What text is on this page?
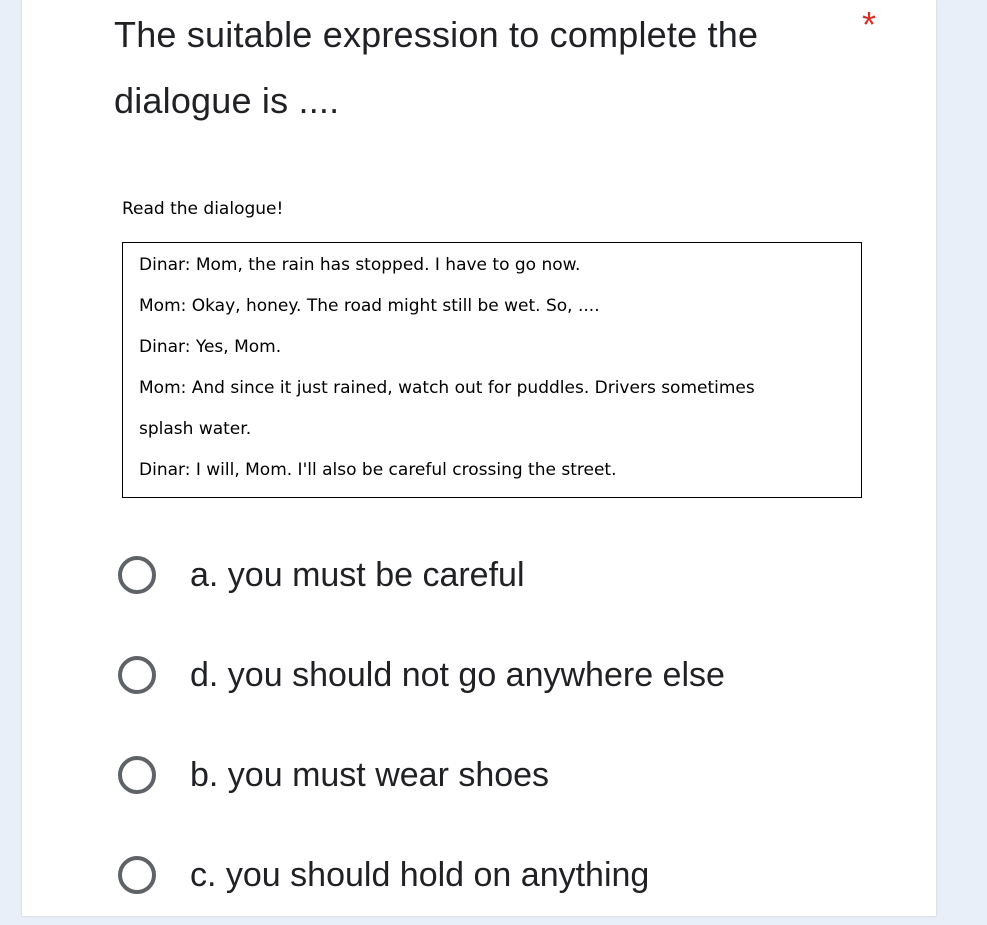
The suitable expression to complete the dialogue is ....
*

Read the dialogue!

Dinar: Mom, the rain has stopped. I have to go now.

Mom: Okay, honey. The road might still be wet. So, ....

Dinar: Yes, Mom.

Mom: And since it just rained, watch out for puddles. Drivers sometimes

splash water.

Dinar: I will, Mom. I'll also be careful crossing the street.

a. you must be careful
d. you should not go anywhere else
b. you must wear shoes
c. you should hold on anything
